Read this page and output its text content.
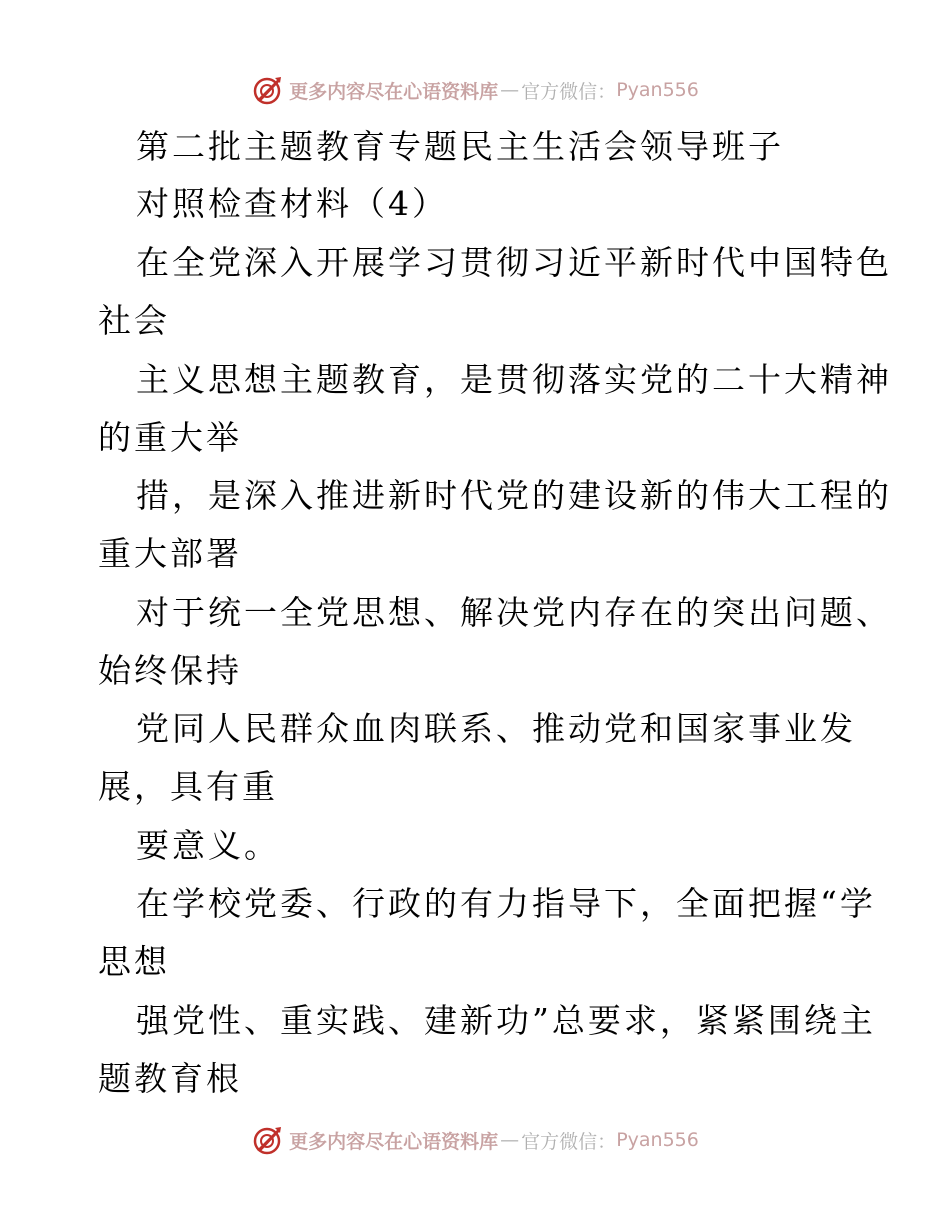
更多内容尽在心语资料库 — 官方微信： Pyan556
第二批主题教育专题民主生活会领导班子
对照检查材料（4）
在全党深入开展学习贯彻习近平新时代中国特色
社会
主义思想主题教育，是贯彻落实党的二十大精神
的重大举
措，是深入推进新时代党的建设新的伟大工程的
重大部署
对于统一全党思想、解决党内存在的突出问题、
始终保持
党同人民群众血肉联系、推动党和国家事业发
展，具有重
要意义。
在学校党委、行政的有力指导下，全面把握“学
思想
强党性、重实践、建新功”总要求，紧紧围绕主
题教育根
更多内容尽在心语资料库 — 官方微信： Pyan556
